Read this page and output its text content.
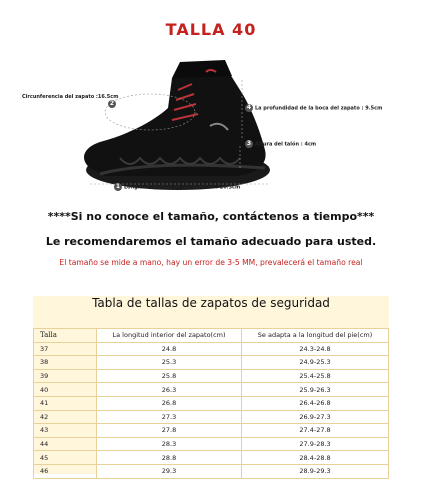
TALLA 40
Circunferencia del zapato :16.5cm
2
4 La profundidad de la boca del zapato : 9.5cm
3 Altura del talón : 4cm
1 Longitud interior de los zapatos : 26.3cm
****Si no conoce el tamaño, contáctenos a tiempo***
Le recomendaremos el tamaño adecuado para usted.
El tamaño se mide a mano, hay un error de 3-5 MM, prevalecerá el tamaño real
Tabla de tallas de zapatos de seguridad
Talla	La longitud interior del zapato(cm)	Se adapta a la longitud del pie(cm)
37	24.8	24.3-24.8
38	25.3	24.9-25.3
39	25.8	25.4-25.8
40	26.3	25.9-26.3
41	26.8	26.4-26.8
42	27.3	26.9-27.3
43	27.8	27.4-27.8
44	28.3	27.9-28.3
45	28.8	28.4-28.8
46	29.3	28.9-29.3
